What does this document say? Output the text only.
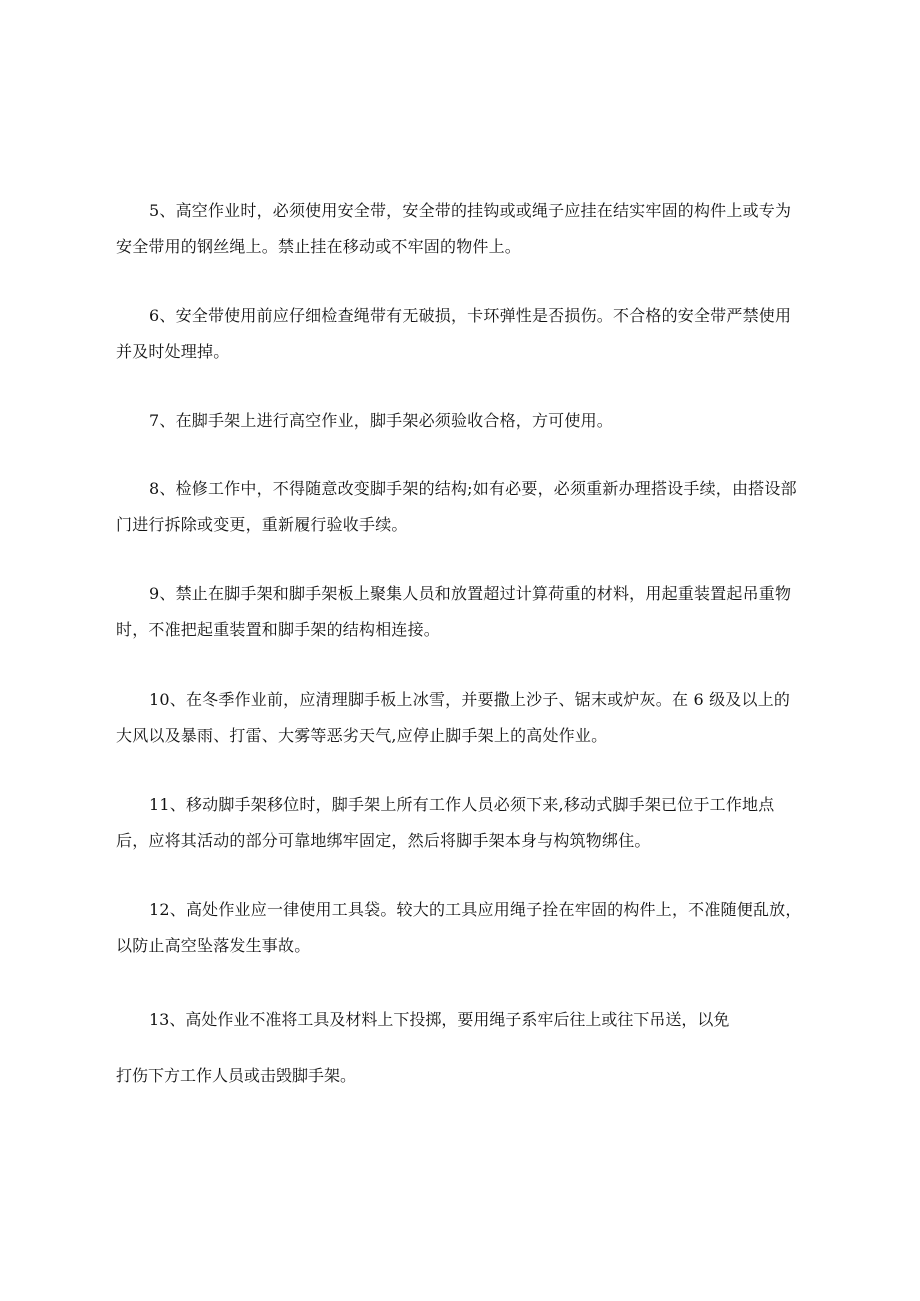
5、高空作业时，必须使用安全带，安全带的挂钩或或绳子应挂在结实牢固的构件上或专为安全带用的钢丝绳上。禁止挂在移动或不牢固的物件上。

6、安全带使用前应仔细检查绳带有无破损，卡环弹性是否损伤。不合格的安全带严禁使用并及时处理掉。

7、在脚手架上进行高空作业，脚手架必须验收合格，方可使用。

8、检修工作中，不得随意改变脚手架的结构;如有必要，必须重新办理搭设手续，由搭设部门进行拆除或变更，重新履行验收手续。

9、禁止在脚手架和脚手架板上聚集人员和放置超过计算荷重的材料，用起重装置起吊重物时，不准把起重装置和脚手架的结构相连接。

10、在冬季作业前，应清理脚手板上冰雪，并要撒上沙子、锯末或炉灰。在 6 级及以上的大风以及暴雨、打雷、大雾等恶劣天气,应停止脚手架上的高处作业。

11、移动脚手架移位时，脚手架上所有工作人员必须下来,移动式脚手架已位于工作地点后，应将其活动的部分可靠地绑牢固定，然后将脚手架本身与构筑物绑住。

12、高处作业应一律使用工具袋。较大的工具应用绳子拴在牢固的构件上，不准随便乱放，以防止高空坠落发生事故。

13、高处作业不准将工具及材料上下投掷，要用绳子系牢后往上或往下吊送，以免

打伤下方工作人员或击毁脚手架。
